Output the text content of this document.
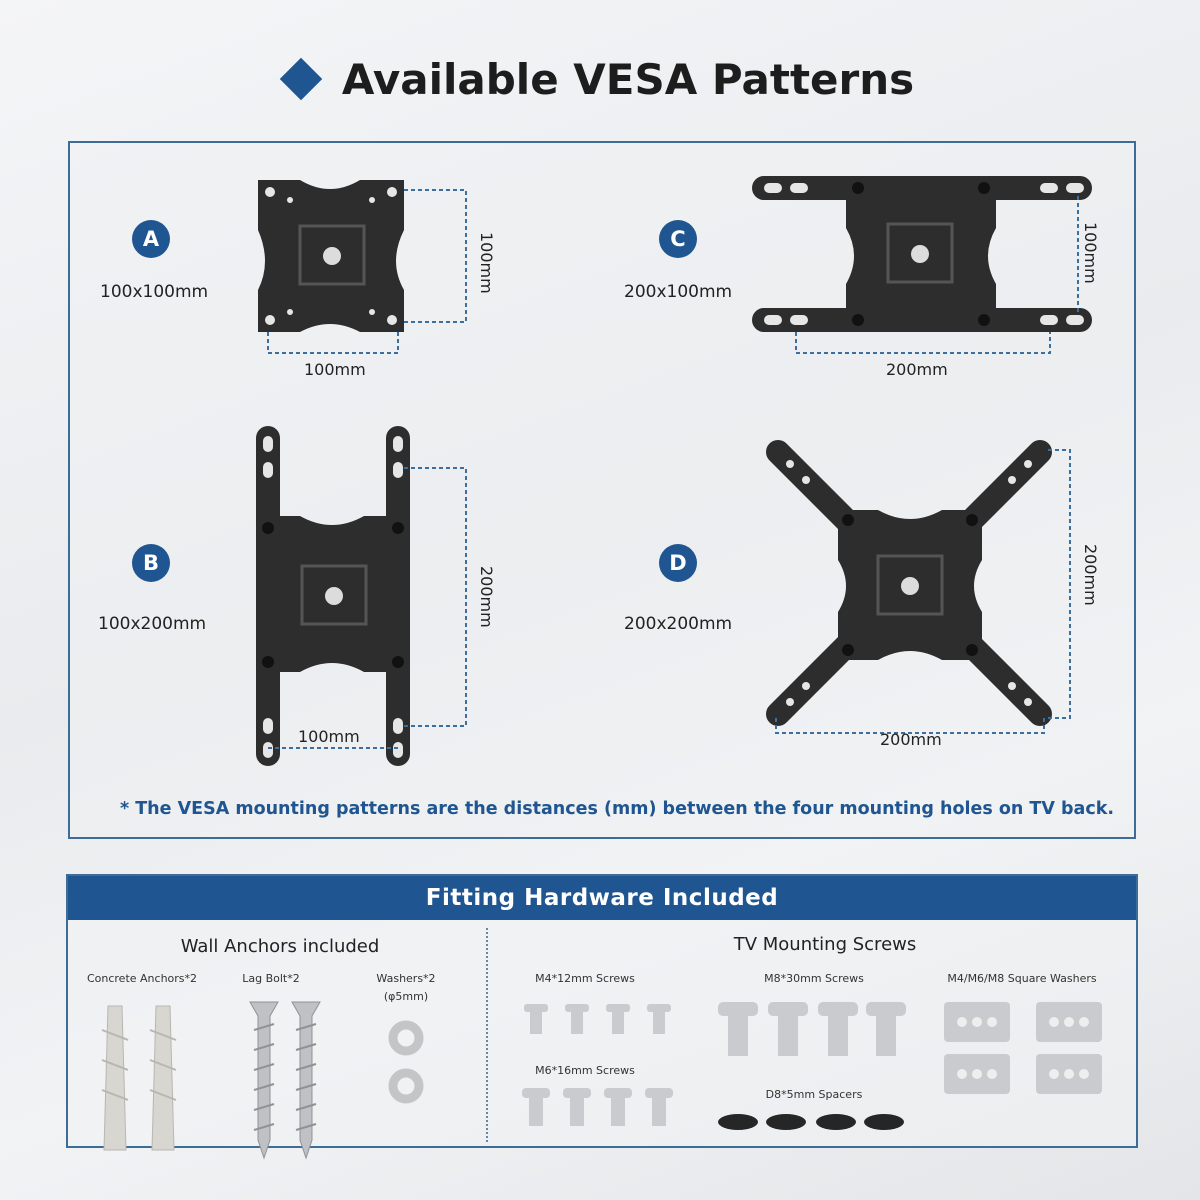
Available VESA Patterns
A
100x100mm
100mm
100mm	C
200x100mm
200mm
100mm
B
100x200mm
100mm
200mm
D
200x200mm
200mm
200mm
* The VESA mounting patterns are the distances (mm) between the four mounting holes on TV back.
Fitting Hardware Included
Wall Anchors included	TV Mounting Screws
Concrete Anchors*2	Lag Bolt*2	Washers*2
(φ5mm)
M4*12mm Screws
M6*16mm Screws
M8*30mm Screws
D8*5mm Spacers
M4/M6/M8 Square Washers
